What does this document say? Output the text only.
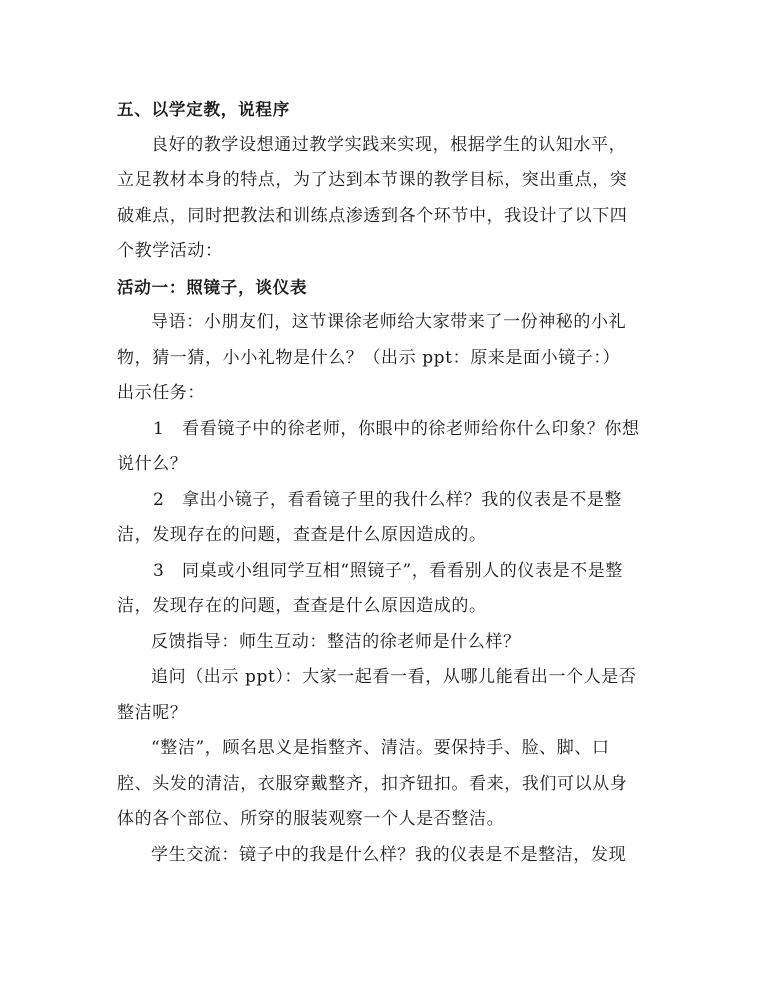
五、以学定教，说程序
良好的教学设想通过教学实践来实现，根据学生的认知水平，
立足教材本身的特点，为了达到本节课的教学目标，突出重点，突
破难点，同时把教法和训练点渗透到各个环节中，我设计了以下四
个教学活动：
活动一：照镜子，谈仪表
导语：小朋友们，这节课徐老师给大家带来了一份神秘的小礼
物，猜一猜，小小礼物是什么？（出示 ppt：原来是面小镜子：）
出示任务：
1　看看镜子中的徐老师，你眼中的徐老师给你什么印象？你想
说什么？
2　拿出小镜子，看看镜子里的我什么样？我的仪表是不是整
洁，发现存在的问题，查查是什么原因造成的。
3　同桌或小组同学互相“照镜子”，看看别人的仪表是不是整
洁，发现存在的问题，查查是什么原因造成的。
反馈指导：师生互动：整洁的徐老师是什么样？
追问（出示 ppt）：大家一起看一看，从哪儿能看出一个人是否
整洁呢？
“整洁”，顾名思义是指整齐、清洁。要保持手、脸、脚、口
腔、头发的清洁，衣服穿戴整齐，扣齐钮扣。看来，我们可以从身
体的各个部位、所穿的服装观察一个人是否整洁。
学生交流：镜子中的我是什么样？我的仪表是不是整洁，发现
